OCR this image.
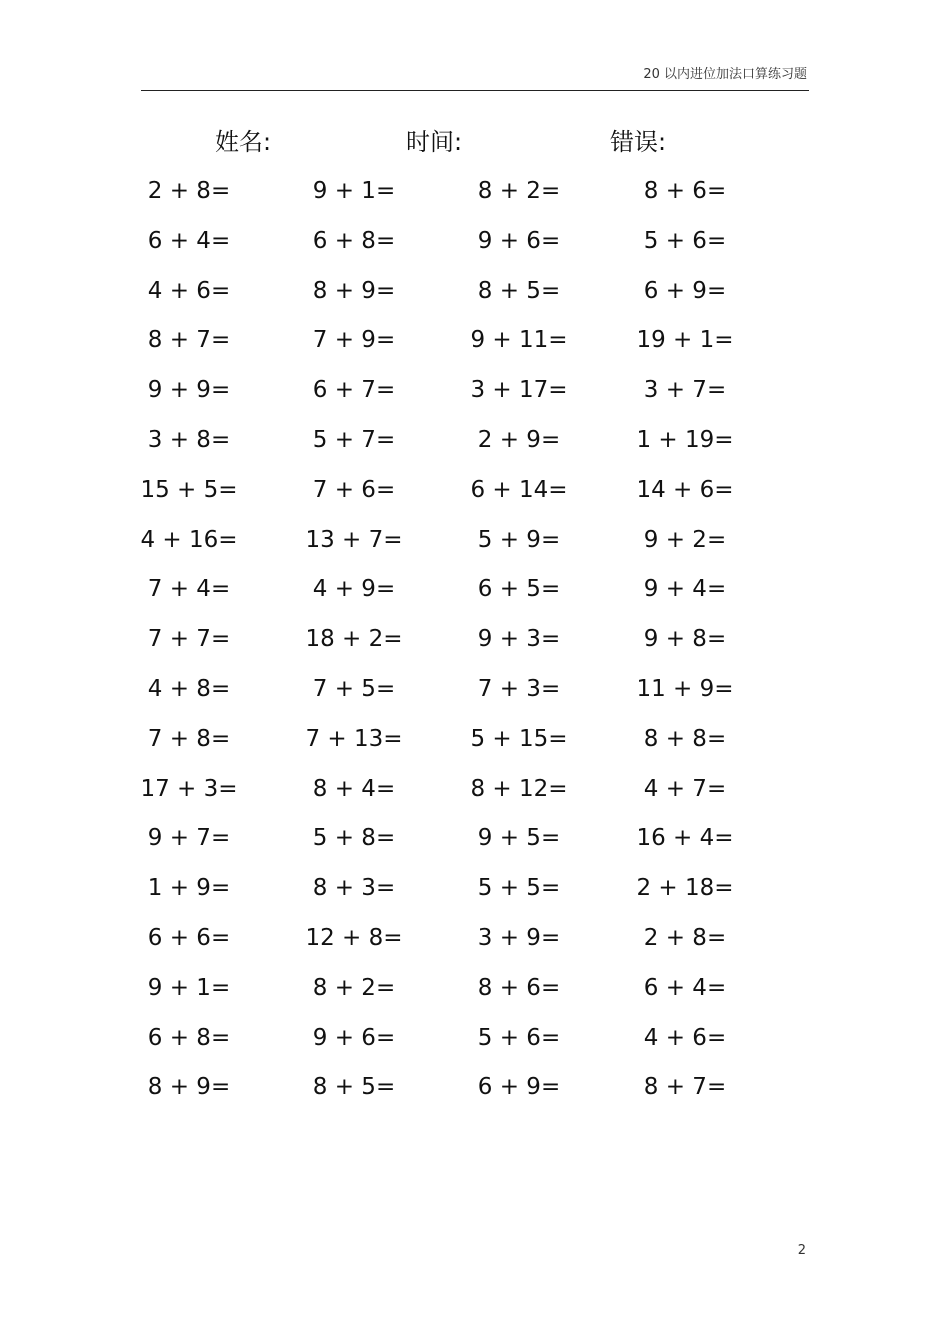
20 以内进位加法口算练习题
姓名:	时间:	错误:
2 + 8=	9 + 1=	8 + 2=	8 + 6=
6 + 4=	6 + 8=	9 + 6=	5 + 6=
4 + 6=	8 + 9=	8 + 5=	6 + 9=
8 + 7=	7 + 9=	9 + 11=	19 + 1=
9 + 9=	6 + 7=	3 + 17=	3 + 7=
3 + 8=	5 + 7=	2 + 9=	1 + 19=
15 + 5=	7 + 6=	6 + 14=	14 + 6=
4 + 16=	13 + 7=	5 + 9=	9 + 2=
7 + 4=	4 + 9=	6 + 5=	9 + 4=
7 + 7=	18 + 2=	9 + 3=	9 + 8=
4 + 8=	7 + 5=	7 + 3=	11 + 9=
7 + 8=	7 + 13=	5 + 15=	8 + 8=
17 + 3=	8 + 4=	8 + 12=	4 + 7=
9 + 7=	5 + 8=	9 + 5=	16 + 4=
1 + 9=	8 + 3=	5 + 5=	2 + 18=
6 + 6=	12 + 8=	3 + 9=	2 + 8=
9 + 1=	8 + 2=	8 + 6=	6 + 4=
6 + 8=	9 + 6=	5 + 6=	4 + 6=
8 + 9=	8 + 5=	6 + 9=	8 + 7=
2
